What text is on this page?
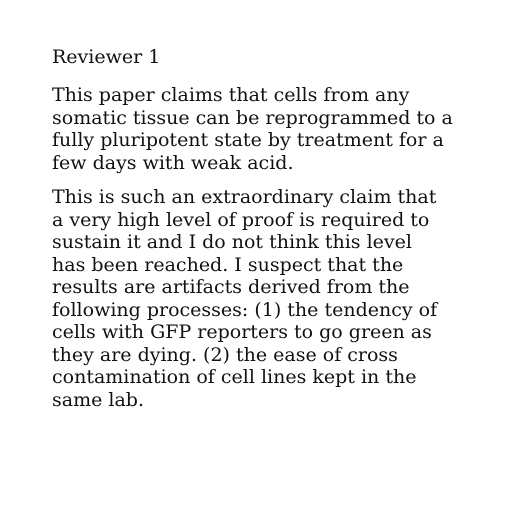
Reviewer 1

This paper claims that cells from any
somatic tissue can be reprogrammed to a
fully pluripotent state by treatment for a
few days with weak acid.

This is such an extraordinary claim that
a very high level of proof is required to
sustain it and I do not think this level
has been reached. I suspect that the
results are artifacts derived from the
following processes: (1) the tendency of
cells with GFP reporters to go green as
they are dying. (2) the ease of cross
contamination of cell lines kept in the
same lab.
